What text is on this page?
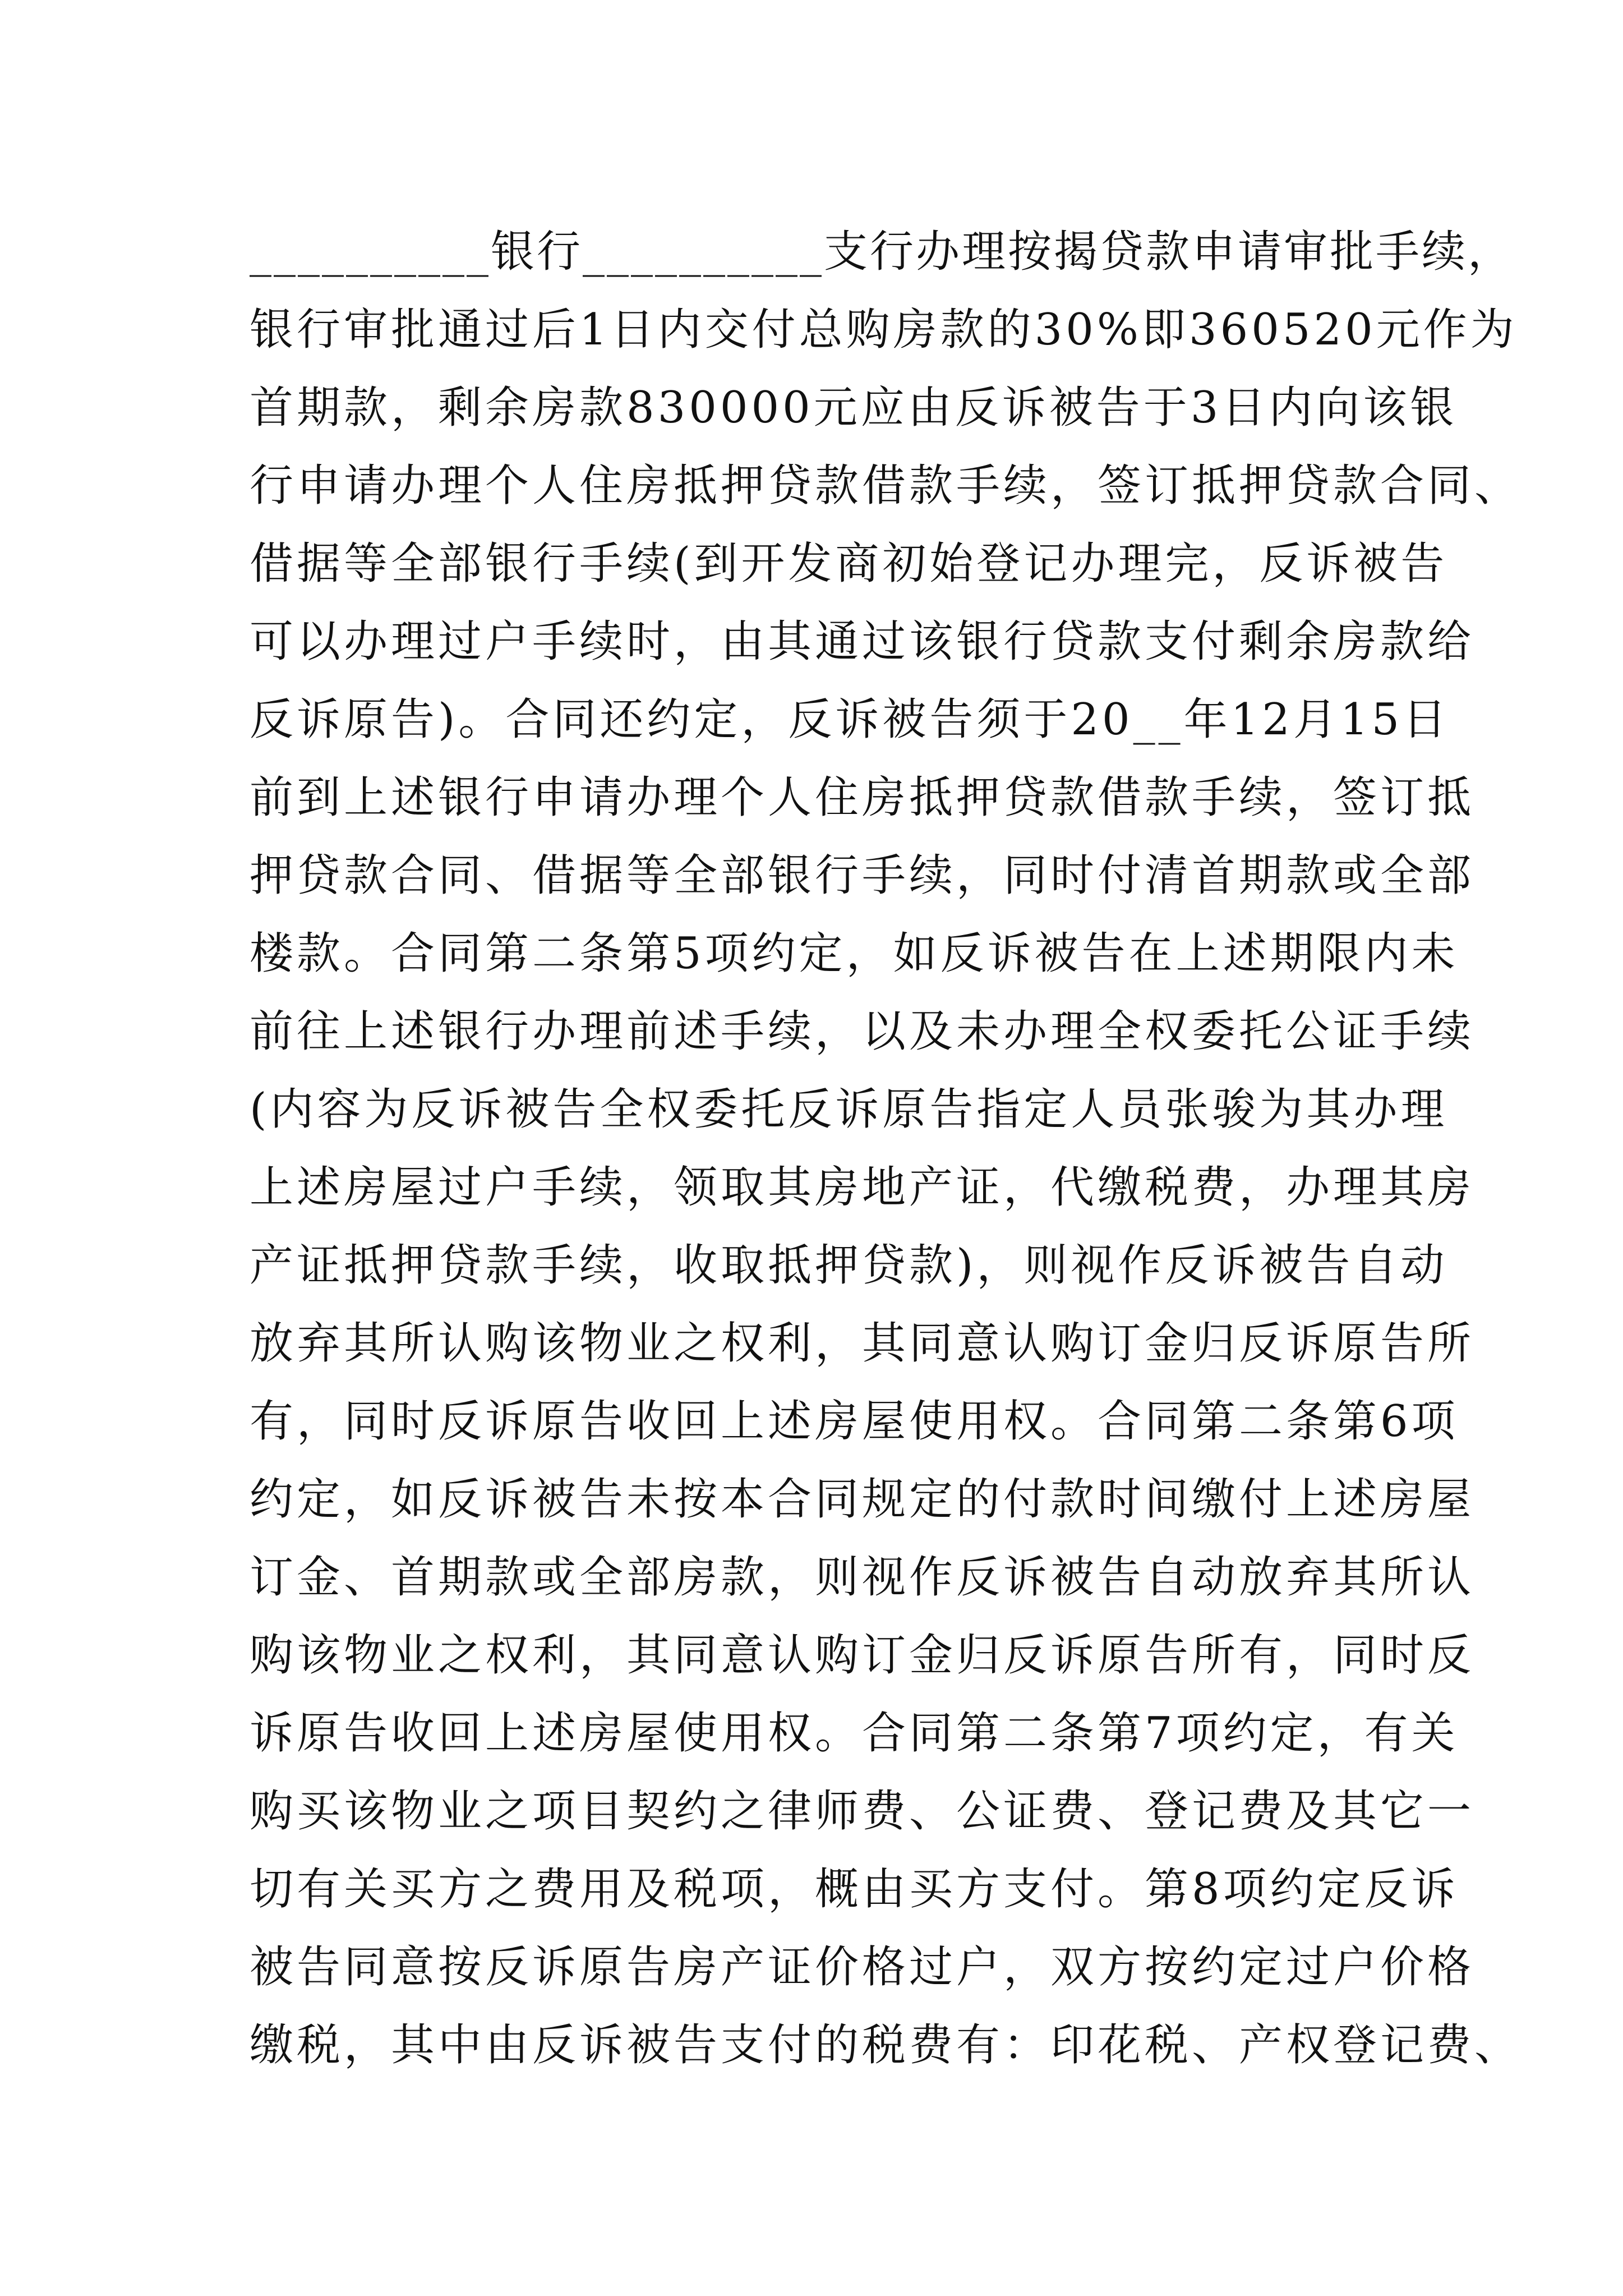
__________银行__________支行办理按揭贷款申请审批手续，
银行审批通过后1日内交付总购房款的30%即360520元作为
首期款，剩余房款830000元应由反诉被告于3日内向该银
行申请办理个人住房抵押贷款借款手续，签订抵押贷款合同、
借据等全部银行手续(到开发商初始登记办理完，反诉被告
可以办理过户手续时，由其通过该银行贷款支付剩余房款给
反诉原告)。合同还约定，反诉被告须于20__年12月15日
前到上述银行申请办理个人住房抵押贷款借款手续，签订抵
押贷款合同、借据等全部银行手续，同时付清首期款或全部
楼款。合同第二条第5项约定，如反诉被告在上述期限内未
前往上述银行办理前述手续，以及未办理全权委托公证手续
(内容为反诉被告全权委托反诉原告指定人员张骏为其办理
上述房屋过户手续，领取其房地产证，代缴税费，办理其房
产证抵押贷款手续，收取抵押贷款)，则视作反诉被告自动
放弃其所认购该物业之权利，其同意认购订金归反诉原告所
有，同时反诉原告收回上述房屋使用权。合同第二条第6项
约定，如反诉被告未按本合同规定的付款时间缴付上述房屋
订金、首期款或全部房款，则视作反诉被告自动放弃其所认
购该物业之权利，其同意认购订金归反诉原告所有，同时反
诉原告收回上述房屋使用权。合同第二条第7项约定，有关
购买该物业之项目契约之律师费、公证费、登记费及其它一
切有关买方之费用及税项，概由买方支付。第8项约定反诉
被告同意按反诉原告房产证价格过户，双方按约定过户价格
缴税，其中由反诉被告支付的税费有：印花税、产权登记费、
